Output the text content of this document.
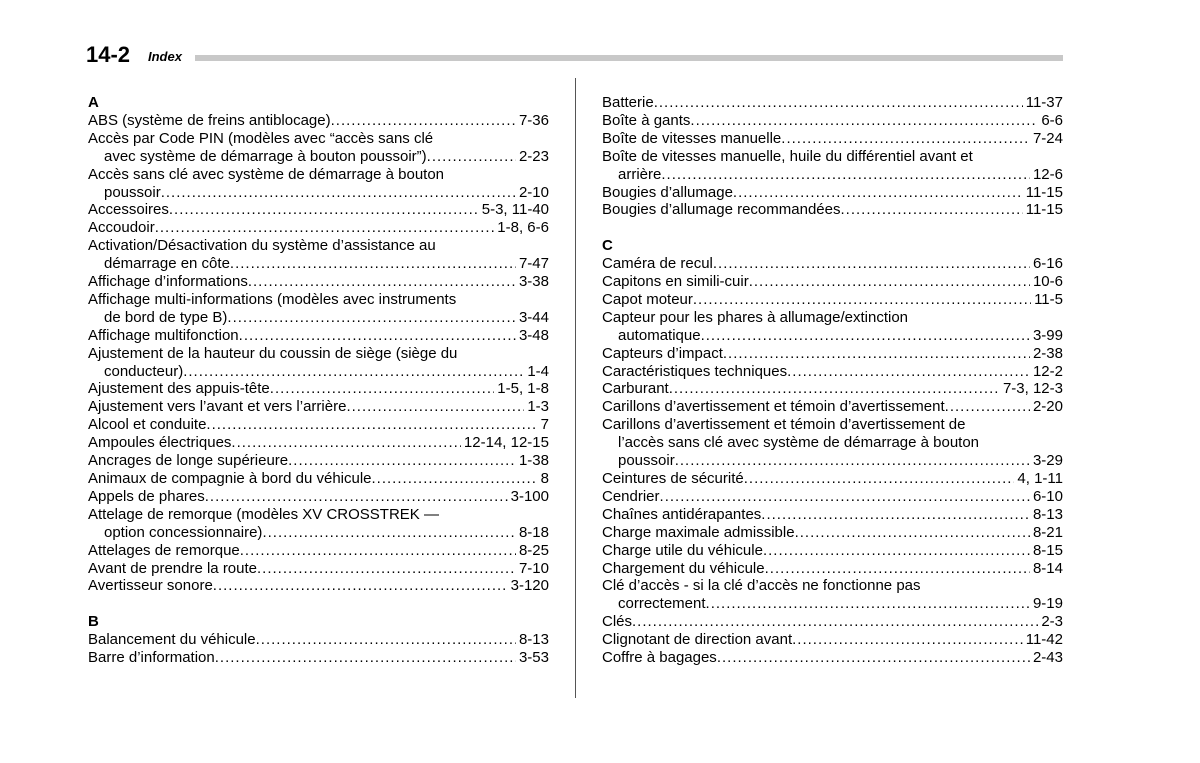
14-2 Index
A
ABS (système de freins antiblocage) .....	7-36
Accès par Code PIN (modèles avec “accès sans clé
avec système de démarrage à bouton poussoir”) .....	2-23
Accès sans clé avec système de démarrage à bouton
poussoir .....	2-10
Accessoires .....	5-3, 11-40
Accoudoir .....	1-8, 6-6
Activation/Désactivation du système d’assistance au
démarrage en côte .....	7-47
Affichage d’informations .....	3-38
Affichage multi-informations (modèles avec instruments
de bord de type B) .....	3-44
Affichage multifonction .....	3-48
Ajustement de la hauteur du coussin de siège (siège du
conducteur) .....	1-4
Ajustement des appuis-tête .....	1-5, 1-8
Ajustement vers l’avant et vers l’arrière .....	1-3
Alcool et conduite .....	7
Ampoules électriques .....	12-14, 12-15
Ancrages de longe supérieure .....	1-38
Animaux de compagnie à bord du véhicule .....	8
Appels de phares .....	3-100
Attelage de remorque (modèles XV CROSSTREK —
option concessionnaire) .....	8-18
Attelages de remorque .....	8-25
Avant de prendre la route .....	7-10
Avertisseur sonore .....	3-120
B
Balancement du véhicule .....	8-13
Barre d’information .....	3-53
Batterie .....	11-37
Boîte à gants .....	6-6
Boîte de vitesses manuelle .....	7-24
Boîte de vitesses manuelle, huile du différentiel avant et
arrière .....	12-6
Bougies d’allumage .....	11-15
Bougies d’allumage recommandées .....	11-15
C
Caméra de recul .....	6-16
Capitons en simili-cuir .....	10-6
Capot moteur .....	11-5
Capteur pour les phares à allumage/extinction
automatique .....	3-99
Capteurs d’impact .....	2-38
Caractéristiques techniques .....	12-2
Carburant .....	7-3, 12-3
Carillons d’avertissement et témoin d’avertissement .....	2-20
Carillons d’avertissement et témoin d’avertissement de
l’accès sans clé avec système de démarrage à bouton
poussoir .....	3-29
Ceintures de sécurité .....	4, 1-11
Cendrier .....	6-10
Chaînes antidérapantes .....	8-13
Charge maximale admissible .....	8-21
Charge utile du véhicule .....	8-15
Chargement du véhicule .....	8-14
Clé d’accès - si la clé d’accès ne fonctionne pas
correctement .....	9-19
Clés .....	2-3
Clignotant de direction avant .....	11-42
Coffre à bagages .....	2-43
